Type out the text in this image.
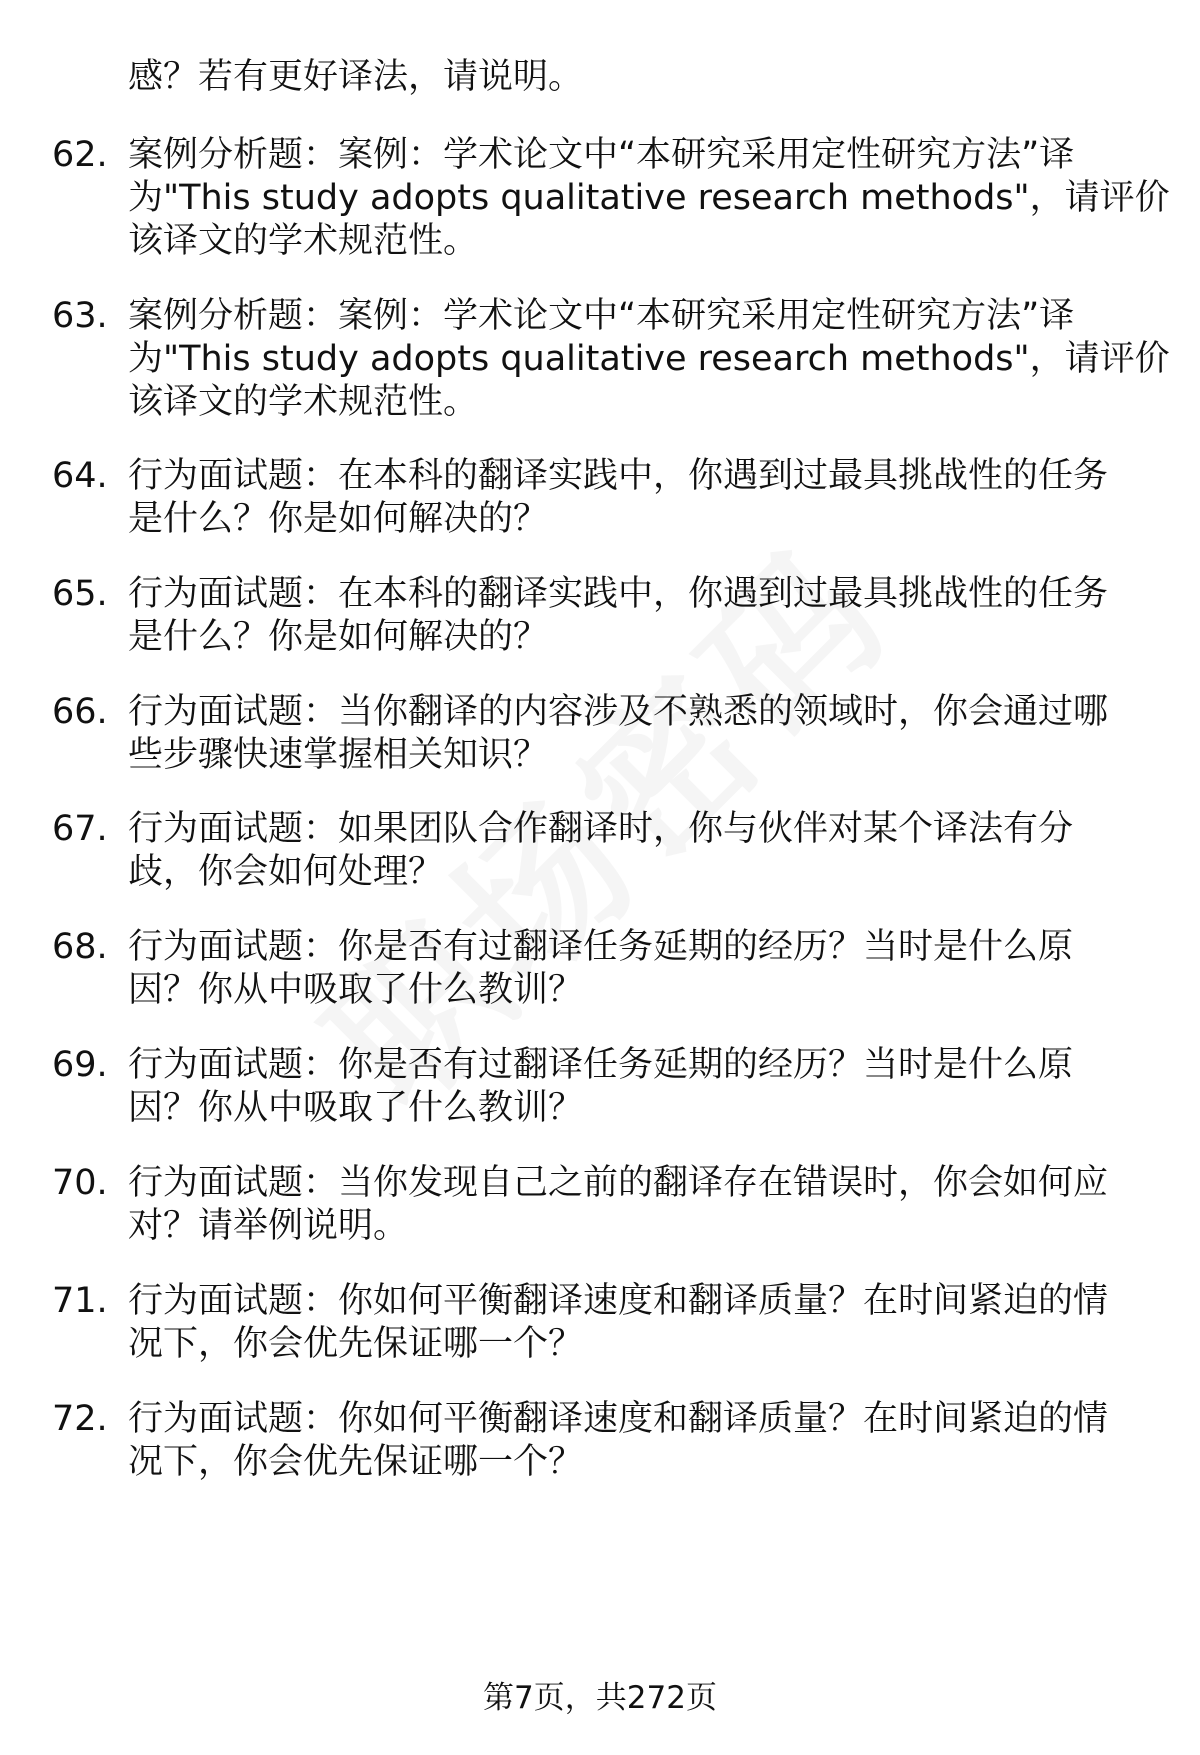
感？若有更好译法，请说明。
62. 案例分析题：案例：学术论文中“本研究采用定性研究方法”译
为"This study adopts qualitative research methods"，请评价
该译文的学术规范性。
63. 案例分析题：案例：学术论文中“本研究采用定性研究方法”译
为"This study adopts qualitative research methods"，请评价
该译文的学术规范性。
64. 行为面试题：在本科的翻译实践中，你遇到过最具挑战性的任务
是什么？你是如何解决的？
65. 行为面试题：在本科的翻译实践中，你遇到过最具挑战性的任务
是什么？你是如何解决的？
66. 行为面试题：当你翻译的内容涉及不熟悉的领域时，你会通过哪
些步骤快速掌握相关知识？
67. 行为面试题：如果团队合作翻译时，你与伙伴对某个译法有分
歧，你会如何处理？
68. 行为面试题：你是否有过翻译任务延期的经历？当时是什么原
因？你从中吸取了什么教训？
69. 行为面试题：你是否有过翻译任务延期的经历？当时是什么原
因？你从中吸取了什么教训？
70. 行为面试题：当你发现自己之前的翻译存在错误时，你会如何应
对？请举例说明。
71. 行为面试题：你如何平衡翻译速度和翻译质量？在时间紧迫的情
况下，你会优先保证哪一个？
72. 行为面试题：你如何平衡翻译速度和翻译质量？在时间紧迫的情
况下，你会优先保证哪一个？
第7页，共272页
